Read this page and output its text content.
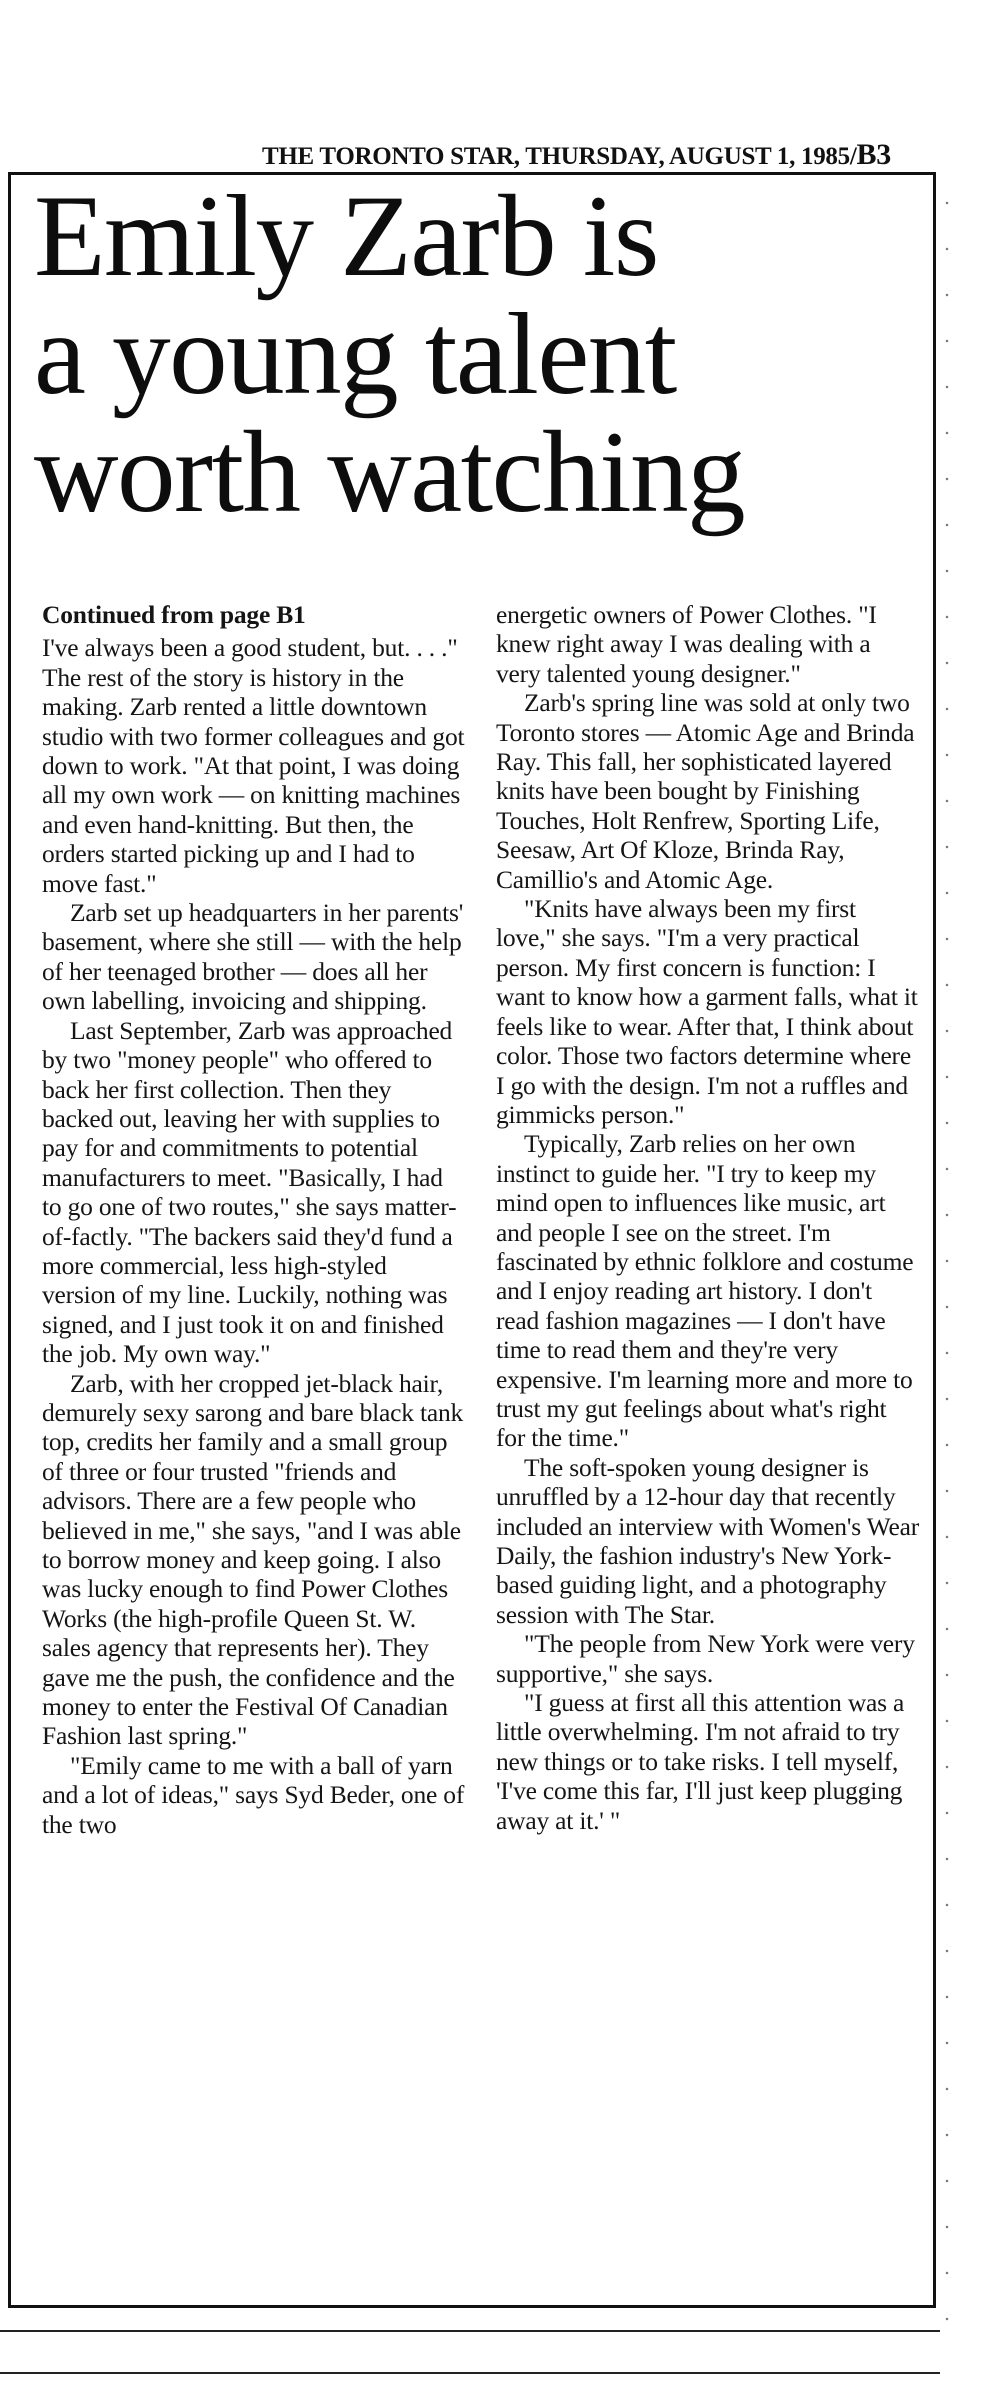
THE TORONTO STAR, THURSDAY, AUGUST 1, 1985/B3
Emily Zarb is
a young talent
worth watching

Continued from page B1

I've always been a good student, but. . . ." The rest of the story is history in the making. Zarb rented a little downtown studio with two former colleagues and got down to work. "At that point, I was doing all my own work — on knitting machines and even hand-knitting. But then, the orders started picking up and I had to move fast."

Zarb set up headquarters in her parents' basement, where she still — with the help of her teenaged brother — does all her own labelling, invoicing and shipping.

Last September, Zarb was approached by two "money people" who offered to back her first collection. Then they backed out, leaving her with supplies to pay for and commitments to potential manufacturers to meet. "Basically, I had to go one of two routes," she says matter-of-factly. "The backers said they'd fund a more commercial, less high-styled version of my line. Luckily, nothing was signed, and I just took it on and finished the job. My own way."

Zarb, with her cropped jet-black hair, demurely sexy sarong and bare black tank top, credits her family and a small group of three or four trusted "friends and advisors. There are a few people who believed in me," she says, "and I was able to borrow money and keep going. I also was lucky enough to find Power Clothes Works (the high-profile Queen St. W. sales agency that represents her). They gave me the push, the confidence and the money to enter the Festival Of Canadian Fashion last spring."

"Emily came to me with a ball of yarn and a lot of ideas," says Syd Beder, one of the two

energetic owners of Power Clothes. "I knew right away I was dealing with a very talented young designer."

Zarb's spring line was sold at only two Toronto stores — Atomic Age and Brinda Ray. This fall, her sophisticated layered knits have been bought by Finishing Touches, Holt Renfrew, Sporting Life, Seesaw, Art Of Kloze, Brinda Ray, Camillio's and Atomic Age.

"Knits have always been my first love," she says. "I'm a very practical person. My first concern is function: I want to know how a garment falls, what it feels like to wear. After that, I think about color. Those two factors determine where I go with the design. I'm not a ruffles and gimmicks person."

Typically, Zarb relies on her own instinct to guide her. "I try to keep my mind open to influences like music, art and people I see on the street. I'm fascinated by ethnic folklore and costume and I enjoy reading art history. I don't read fashion magazines — I don't have time to read them and they're very expensive. I'm learning more and more to trust my gut feelings about what's right for the time."

The soft-spoken young designer is unruffled by a 12-hour day that recently included an interview with Women's Wear Daily, the fashion industry's New York-based guiding light, and a photography session with The Star.

"The people from New York were very supportive," she says.

"I guess at first all this attention was a little overwhelming. I'm not afraid to try new things or to take risks. I tell myself, 'I've come this far, I'll just keep plugging away at it.' "
